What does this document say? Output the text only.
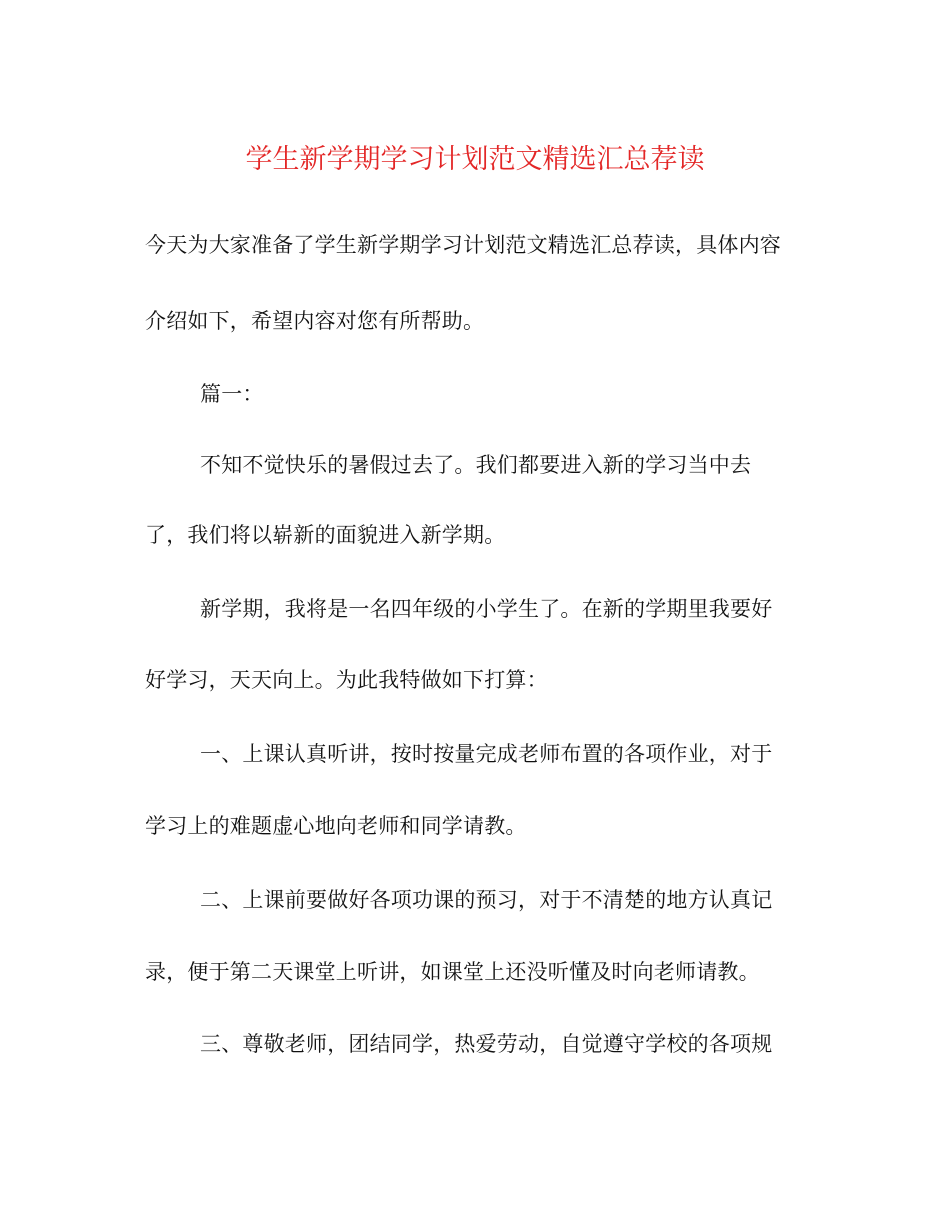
学生新学期学习计划范文精选汇总荐读
今天为大家准备了学生新学期学习计划范文精选汇总荐读，具体内容
介绍如下，希望内容对您有所帮助。
篇一：
不知不觉快乐的暑假过去了。我们都要进入新的学习当中去
了，我们将以崭新的面貌进入新学期。
新学期，我将是一名四年级的小学生了。在新的学期里我要好
好学习，天天向上。为此我特做如下打算：
一、上课认真听讲，按时按量完成老师布置的各项作业，对于
学习上的难题虚心地向老师和同学请教。
二、上课前要做好各项功课的预习，对于不清楚的地方认真记
录，便于第二天课堂上听讲，如课堂上还没听懂及时向老师请教。
三、尊敬老师，团结同学，热爱劳动，自觉遵守学校的各项规
